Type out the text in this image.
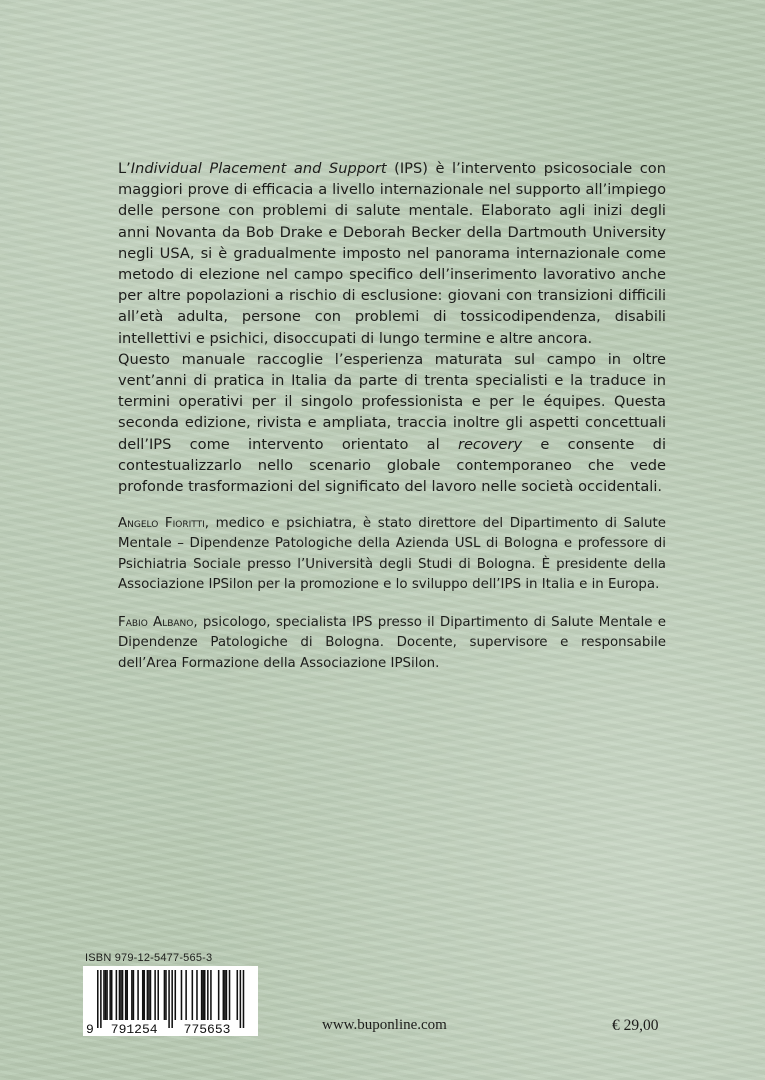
L’Individual Placement and Support (IPS) è l’intervento psicosociale con maggiori prove di efficacia a livello internazionale nel supporto all’impiego delle persone con problemi di salute mentale. Elaborato agli inizi degli anni Novanta da Bob Drake e Deborah Becker della Dartmouth University negli USA, si è gradualmente imposto nel panorama internazionale come metodo di elezione nel campo specifico dell’inserimento lavorativo anche per altre popolazioni a rischio di esclusione: giovani con transizioni difficili all’età adulta, persone con problemi di tossicodipendenza, disabili intellettivi e psichici, disoccupati di lungo termine e altre ancora.

Questo manuale raccoglie l’esperienza maturata sul campo in oltre vent’anni di pratica in Italia da parte di trenta specialisti e la traduce in termini operativi per il singolo professionista e per le équipes. Questa seconda edizione, rivista e ampliata, traccia inoltre gli aspetti concettuali dell’IPS come intervento orientato al recovery e consente di contestualizzarlo nello scenario globale contemporaneo che vede profonde trasformazioni del significato del lavoro nelle società occidentali.

Angelo Fioritti, medico e psichiatra, è stato direttore del Dipartimento di Salute Mentale – Dipendenze Patologiche della Azienda USL di Bologna e professore di Psichiatria Sociale presso l’Università degli Studi di Bologna. È presidente della Associazione IPSilon per la promozione e lo sviluppo dell’IPS in Italia e in Europa.

Fabio Albano, psicologo, specialista IPS presso il Dipartimento di Salute Mentale e Dipendenze Patologiche di Bologna. Docente, supervisore e responsabile dell’Area Formazione della Associazione IPSilon.

ISBN 979-12-5477-565-3
9 791254 775653	www.buponline.com	€ 29,00
